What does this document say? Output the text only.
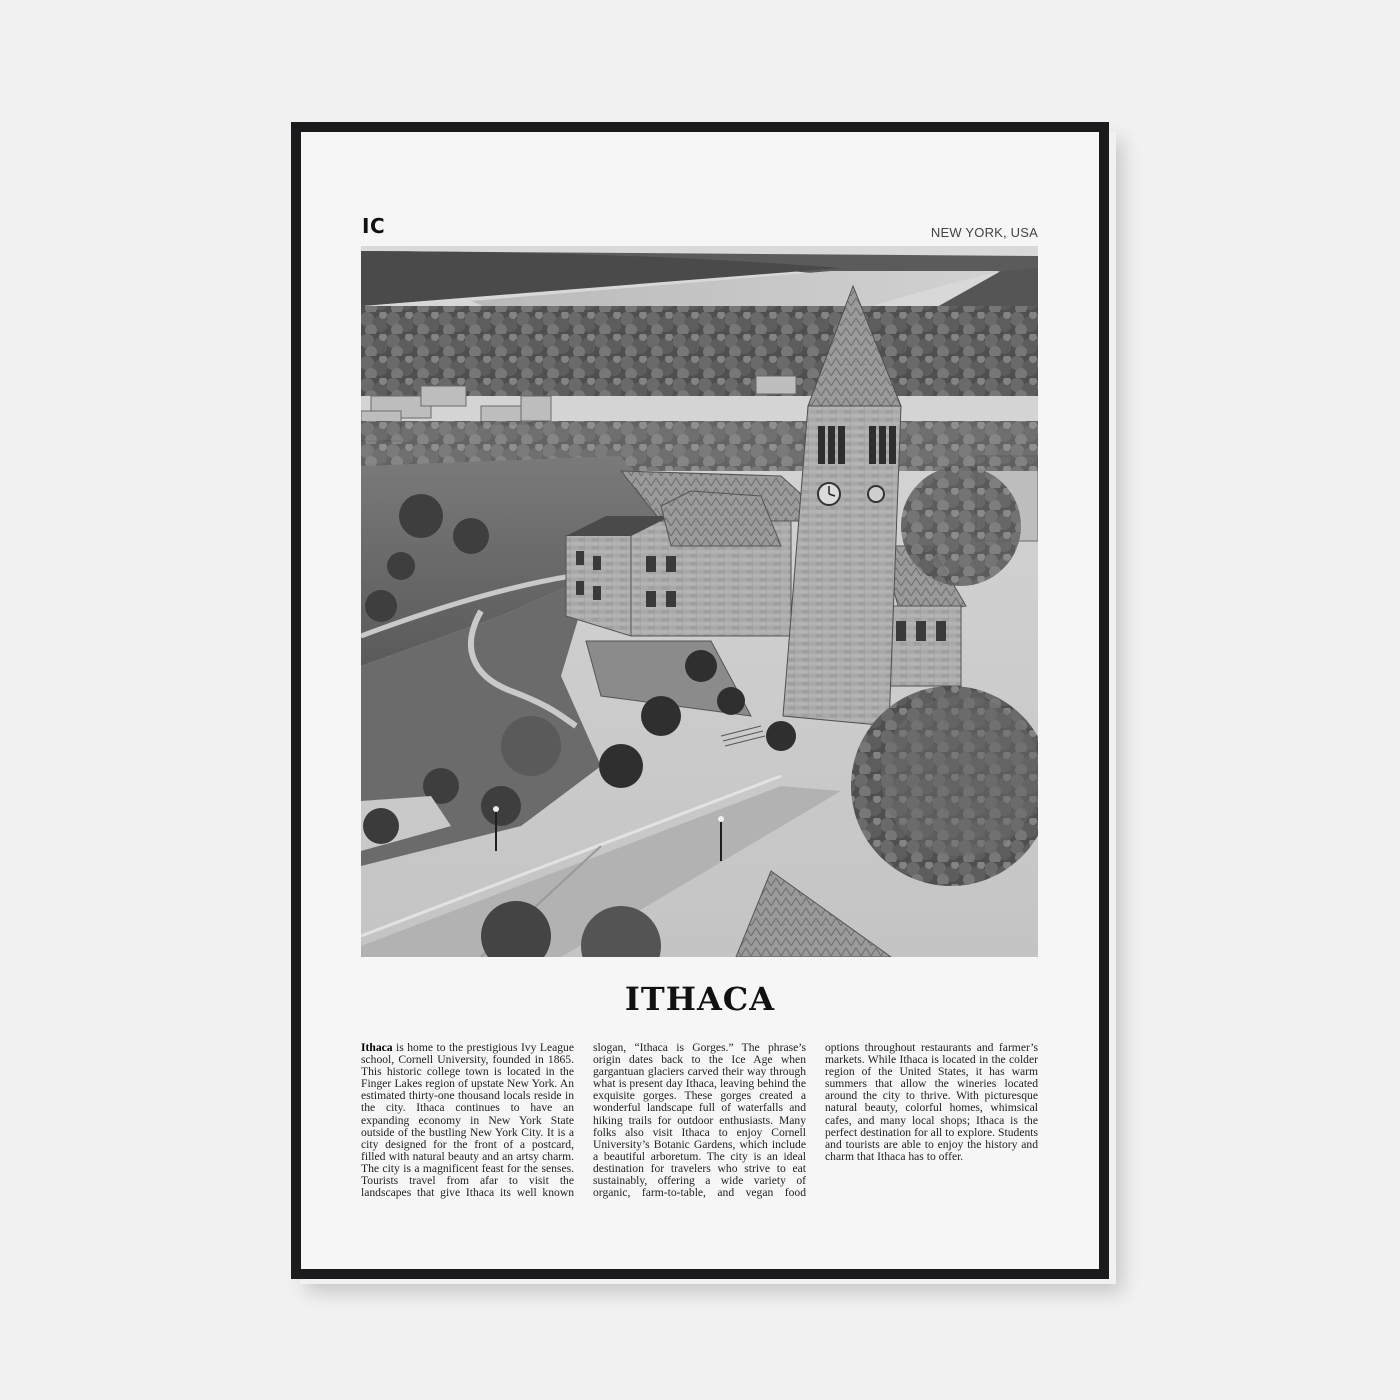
IC	NEW YORK, USA
ITHACA
Ithaca is home to the prestigious Ivy League school, Cornell University, founded in 1865. This historic college town is located in the Finger Lakes region of upstate New York. An estimated thirty-one thousand locals reside in the city. Ithaca continues to have an expanding economy in New York State outside of the bustling New York City. It is a city designed for the front of a postcard, filled with natural beauty and an artsy charm. The city is a magnificent feast for the senses. Tourists travel from afar to visit the landscapes that give Ithaca its well known slogan, “Ithaca is Gorges.” The phrase’s origin dates back to the Ice Age when gargantuan glaciers carved their way through what is present day Ithaca, leaving behind the exquisite gorges. These gorges created a wonderful landscape full of waterfalls and hiking trails for outdoor enthusiasts. Many folks also visit Ithaca to enjoy Cornell University’s Botanic Gardens, which include a beautiful arboretum. The city is an ideal destination for travelers who strive to eat sustainably, offering a wide variety of organic, farm-to-table, and vegan food options throughout restaurants and farmer’s markets. While Ithaca is located in the colder region of the United States, it has warm summers that allow the wineries located around the city to thrive. With picturesque natural beauty, colorful homes, whimsical cafes, and many local shops; Ithaca is the perfect destination for all to explore. Students and tourists are able to enjoy the history and charm that Ithaca has to offer.
